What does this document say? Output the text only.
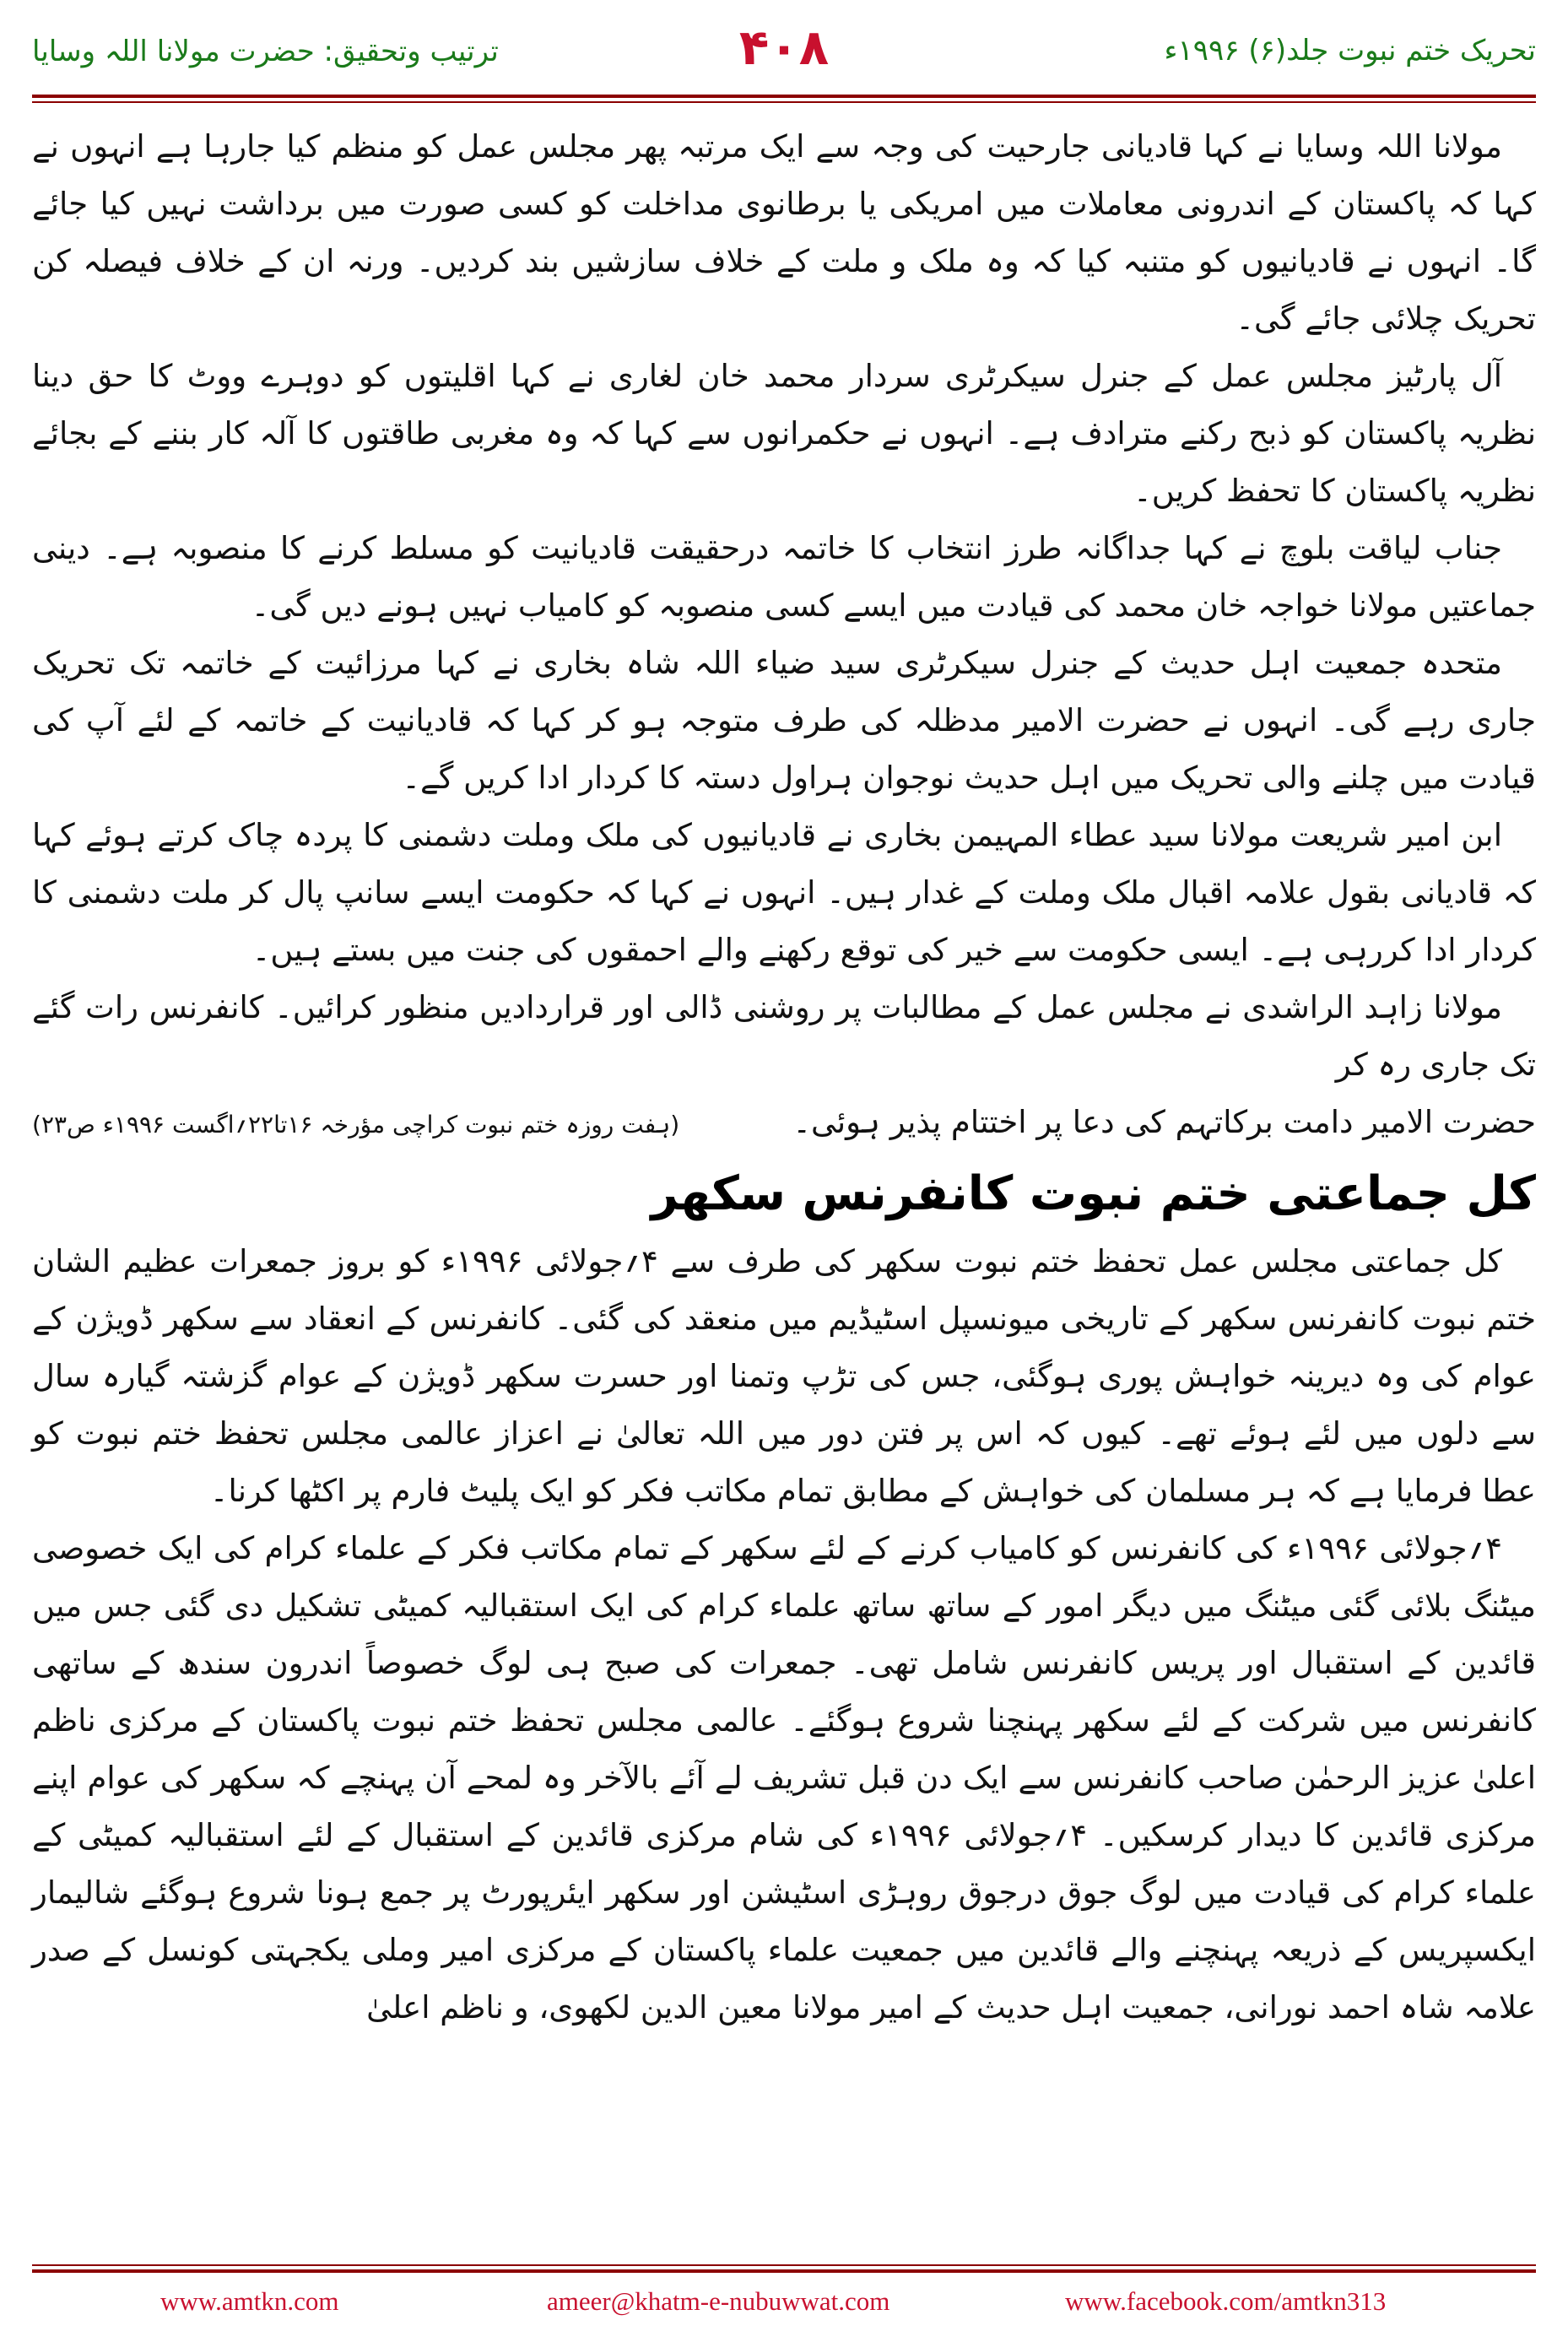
ترتیب وتحقیق: حضرت مولانا اللہ وسایا	۴۰۸	تحریک ختم نبوت جلد(۶) ۱۹۹۶ء

مولانا اللہ وسایا نے کہا قادیانی جارحیت کی وجہ سے ایک مرتبہ پھر مجلس عمل کو منظم کیا جارہا ہے انہوں نے کہا کہ پاکستان کے اندرونی معاملات میں امریکی یا برطانوی مداخلت کو کسی صورت میں برداشت نہیں کیا جائے گا۔ انہوں نے قادیانیوں کو متنبہ کیا کہ وہ ملک و ملت کے خلاف سازشیں بند کردیں۔ ورنہ ان کے خلاف فیصلہ کن تحریک چلائی جائے گی۔

آل پارٹیز مجلس عمل کے جنرل سیکرٹری سردار محمد خان لغاری نے کہا اقلیتوں کو دوہرے ووٹ کا حق دینا نظریہ پاکستان کو ذبح رکنے مترادف ہے۔ انہوں نے حکمرانوں سے کہا کہ وہ مغربی طاقتوں کا آلہ کار بننے کے بجائے نظریہ پاکستان کا تحفظ کریں۔

جناب لیاقت بلوچ نے کہا جداگانہ طرز انتخاب کا خاتمہ درحقیقت قادیانیت کو مسلط کرنے کا منصوبہ ہے۔ دینی جماعتیں مولانا خواجہ خان محمد کی قیادت میں ایسے کسی منصوبہ کو کامیاب نہیں ہونے دیں گی۔

متحدہ جمعیت اہل حدیث کے جنرل سیکرٹری سید ضیاء اللہ شاہ بخاری نے کہا مرزائیت کے خاتمہ تک تحریک جاری رہے گی۔ انہوں نے حضرت الامیر مدظلہ کی طرف متوجہ ہو کر کہا کہ قادیانیت کے خاتمہ کے لئے آپ کی قیادت میں چلنے والی تحریک میں اہل حدیث نوجوان ہراول دستہ کا کردار ادا کریں گے۔

ابن امیر شریعت مولانا سید عطاء المہیمن بخاری نے قادیانیوں کی ملک وملت دشمنی کا پردہ چاک کرتے ہوئے کہا کہ قادیانی بقول علامہ اقبال ملک وملت کے غدار ہیں۔ انہوں نے کہا کہ حکومت ایسے سانپ پال کر ملت دشمنی کا کردار ادا کررہی ہے۔ ایسی حکومت سے خیر کی توقع رکھنے والے احمقوں کی جنت میں بستے ہیں۔

مولانا زاہد الراشدی نے مجلس عمل کے مطالبات پر روشنی ڈالی اور قراردادیں منظور کرائیں۔ کانفرنس رات گئے تک جاری رہ کر

حضرت الامیر دامت برکاتہم کی دعا پر اختتام پذیر ہوئی۔
(ہفت روزہ ختم نبوت کراچی مؤرخہ ۱۶تا۲۲؍اگست ۱۹۹۶ء ص۲۳)
کل جماعتی ختم نبوت کانفرنس سکھر

کل جماعتی مجلس عمل تحفظ ختم نبوت سکھر کی طرف سے ۴؍جولائی ۱۹۹۶ء کو بروز جمعرات عظیم الشان ختم نبوت کانفرنس سکھر کے تاریخی میونسپل اسٹیڈیم میں منعقد کی گئی۔ کانفرنس کے انعقاد سے سکھر ڈویژن کے عوام کی وہ دیرینہ خواہش پوری ہوگئی، جس کی تڑپ وتمنا اور حسرت سکھر ڈویژن کے عوام گزشتہ گیارہ سال سے دلوں میں لئے ہوئے تھے۔ کیوں کہ اس پر فتن دور میں اللہ تعالیٰ نے اعزاز عالمی مجلس تحفظ ختم نبوت کو عطا فرمایا ہے کہ ہر مسلمان کی خواہش کے مطابق تمام مکاتب فکر کو ایک پلیٹ فارم پر اکٹھا کرنا۔

۴؍جولائی ۱۹۹۶ء کی کانفرنس کو کامیاب کرنے کے لئے سکھر کے تمام مکاتب فکر کے علماء کرام کی ایک خصوصی میٹنگ بلائی گئی میٹنگ میں دیگر امور کے ساتھ ساتھ علماء کرام کی ایک استقبالیہ کمیٹی تشکیل دی گئی جس میں قائدین کے استقبال اور پریس کانفرنس شامل تھی۔ جمعرات کی صبح ہی لوگ خصوصاً اندرون سندھ کے ساتھی کانفرنس میں شرکت کے لئے سکھر پہنچنا شروع ہوگئے۔ عالمی مجلس تحفظ ختم نبوت پاکستان کے مرکزی ناظم اعلیٰ عزیز الرحمٰن صاحب کانفرنس سے ایک دن قبل تشریف لے آئے بالآخر وہ لمحے آن پہنچے کہ سکھر کی عوام اپنے مرکزی قائدین کا دیدار کرسکیں۔ ۴؍جولائی ۱۹۹۶ء کی شام مرکزی قائدین کے استقبال کے لئے استقبالیہ کمیٹی کے علماء کرام کی قیادت میں لوگ جوق درجوق روہڑی اسٹیشن اور سکھر ایئرپورٹ پر جمع ہونا شروع ہوگئے شالیمار ایکسپریس کے ذریعہ پہنچنے والے قائدین میں جمعیت علماء پاکستان کے مرکزی امیر وملی یکجہتی کونسل کے صدر علامہ شاہ احمد نورانی، جمعیت اہل حدیث کے امیر مولانا معین الدین لکھوی، و ناظم اعلیٰ

www.amtkn.com	ameer@khatm-e-nubuwwat.com	www.facebook.com/amtkn313
